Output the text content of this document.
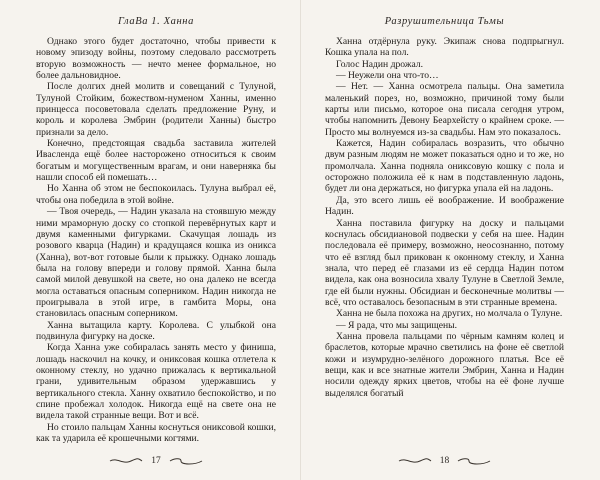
ГлаВа 1. Ханна

Однако этого будет достаточно, чтобы привести к новому эпизоду войны, поэтому следовало рассмотреть вторую возможность — нечто менее формальное, но более дальновидное.

После долгих дней молитв и совещаний с Тулуной, Тулуной Стойким, божеством-нуменом Ханны, именно принцесса посоветовала сделать предложение Руну, и король и королева Эмбрин (родители Ханны) быстро признали за дело.

Конечно, предстоящая свадьба заставила жителей Ивасленда ещё более насторожено относиться к своим богатым и могущественным врагам, и они наверняка бы нашли способ ей помешать…

Но Ханна об этом не беспокоилась. Тулуна выбрал её, чтобы она победила в этой войне.

— Твоя очередь, — Надин указала на стоявшую между ними мраморную доску со стопкой перевёрнутых карт и двумя каменными фигурками. Скачущая лошадь из розового кварца (Надин) и крадущаяся кошка из оникса (Ханна), вот-вот готовые были к прыжку. Однако лошадь была на голову впереди и голову прямой. Ханна была самой милой девушкой на свете, но она далеко не всегда могла оставаться опасным соперником. Надин никогда не проигрывала в этой игре, в гамбита Моры, она становилась опасным соперником.

Ханна вытащила карту. Королева. С улыбкой она подвинула фигурку на доске.

Когда Ханна уже собиралась занять место у финиша, лошадь наскочил на кочку, и ониксовая кошка отлетела к оконному стеклу, но удачно прижалась к вертикальной грани, удивительным образом удержавшись у вертикального стекла. Ханну охватило беспокойство, и по спине пробежал холодок. Никогда ещё на свете она не видела такой странные вещи. Вот и всё.

Но стоило пальцам Ханны коснуться ониксовой кошки, как та ударила её крошечными когтями.

17
Разрушительница Тьмы

Ханна отдёрнула руку. Экипаж снова подпрыгнул. Кошка упала на пол.

Голос Надин дрожал.

— Неужели она что-то…

— Нет. — Ханна осмотрела пальцы. Она заметила маленький порез, но, возможно, причиной тому были карты или письмо, которое она писала сегодня утром, чтобы напомнить Девону Беархейсту о крайнем сроке. — Просто мы волнуемся из-за свадьбы. Нам это показалось.

Кажется, Надин собиралась возразить, что обычно двум разным людям не может показаться одно и то же, но промолчала. Ханна подняла ониксовую кошку с пола и осторожно положила её к нам в подставленную ладонь, будет ли она держаться, но фигурка упала ей на ладонь.

Да, это всего лишь её воображение. И воображение Надин.

Ханна поставила фигурку на доску и пальцами коснулась обсидиановой подвески у себя на шее. Надин последовала её примеру, возможно, неосознанно, потому что её взгляд был прикован к оконному стеклу, и Ханна знала, что перед её глазами из её сердца Надин потом видела, как она возносила хвалу Тулуне в Светлой Земле, где ей были нужны. Обсидиан и бесконечные молитвы — всё, что оставалось безопасным в эти странные времена.

Ханна не была похожа на других, но молчала о Тулуне.

— Я рада, что мы защищены.

Ханна провела пальцами по чёрным камням колец и браслетов, которые мрачно светились на фоне её светлой кожи и изумрудно-зелёного дорожного платья. Все её вещи, как и все знатные жители Эмбрин, Ханна и Надин носили одежду ярких цветов, чтобы на её фоне лучше выделялся богатый

18
